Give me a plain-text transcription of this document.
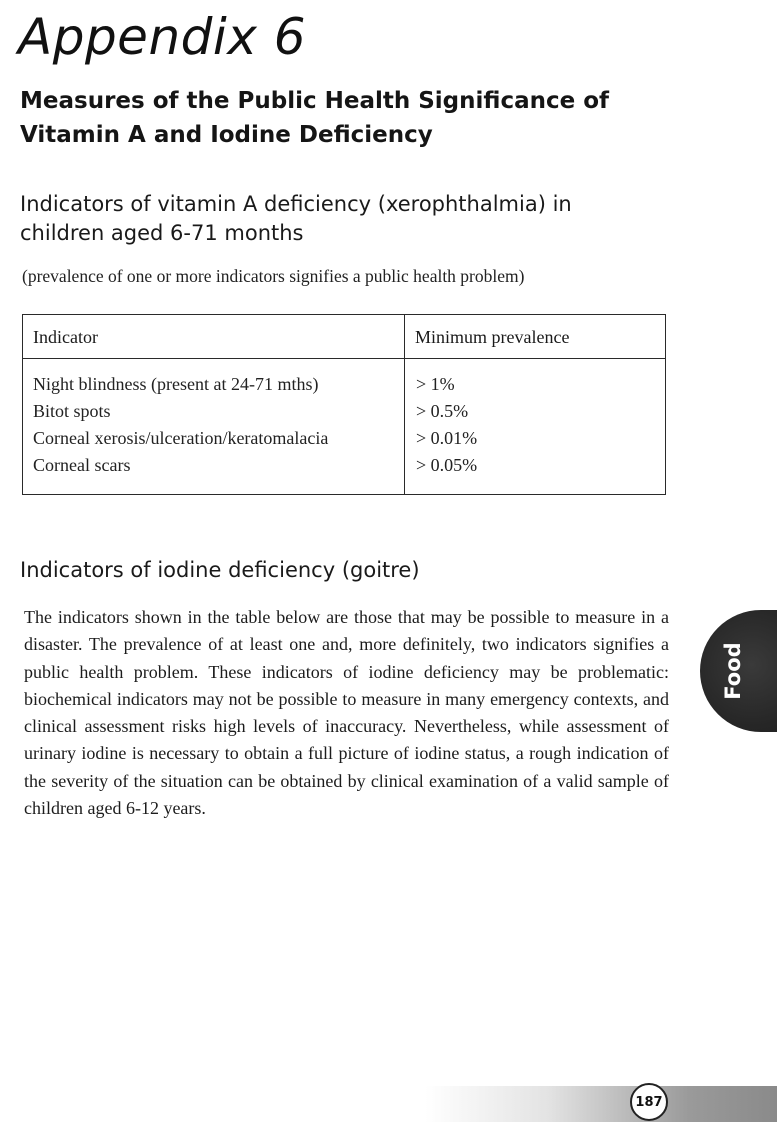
Appendix 6
Measures of the Public Health Significance of Vitamin A and Iodine Deficiency
Indicators of vitamin A deficiency (xerophthalmia) in children aged 6-71 months

(prevalence of one or more indicators signifies a public health problem)

Indicator	Minimum prevalence
Night blindness (present at 24-71 mths)	> 1%
Bitot spots	> 0.5%
Corneal xerosis/ulceration/keratomalacia	> 0.01%
Corneal scars	> 0.05%
Indicators of iodine deficiency (goitre)

The indicators shown in the table below are those that may be possible to measure in a disaster. The prevalence of at least one and, more definitely, two indicators signifies a public health problem. These indicators of iodine deficiency may be problematic: biochemical indicators may not be possible to measure in many emergency contexts, and clinical assessment risks high levels of inaccuracy. Nevertheless, while assessment of urinary iodine is necessary to obtain a full picture of iodine status, a rough indication of the severity of the situation can be obtained by clinical examination of a valid sample of children aged 6-12 years.

Food
187
